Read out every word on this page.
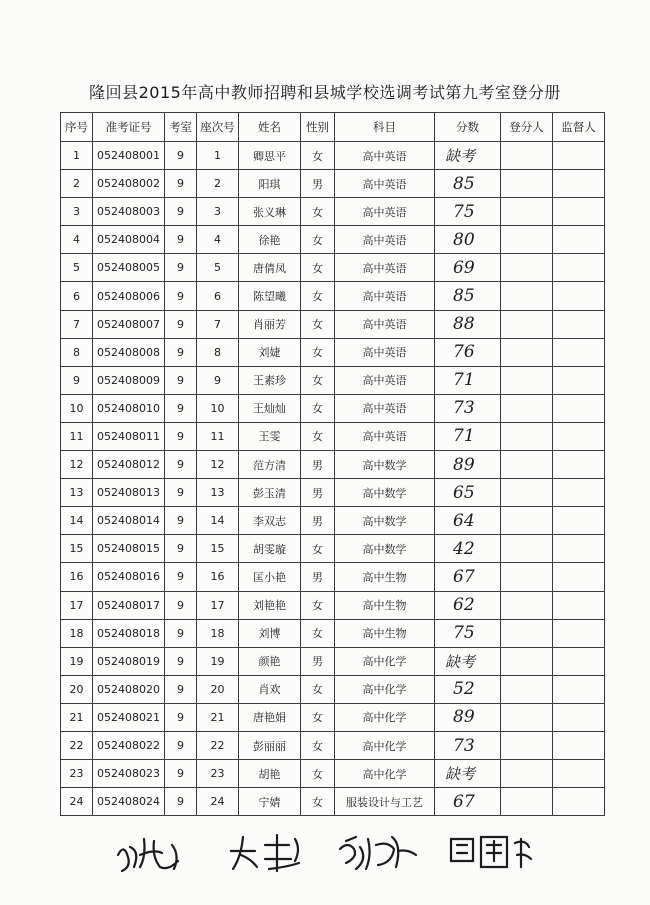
隆回县2015年高中教师招聘和县城学校选调考试第九考室登分册
序号	准考证号	考室	座次号	姓名	性别	科目	分数	登分人	监督人
1	052408001	9	1	卿思平	女	高中英语	缺考		
2	052408002	9	2	阳琪	男	高中英语	85		
3	052408003	9	3	张义琳	女	高中英语	75		
4	052408004	9	4	徐艳	女	高中英语	80		
5	052408005	9	5	唐倩凤	女	高中英语	69		
6	052408006	9	6	陈望曦	女	高中英语	85		
7	052408007	9	7	肖丽芳	女	高中英语	88		
8	052408008	9	8	刘婕	女	高中英语	76		
9	052408009	9	9	王素珍	女	高中英语	71		
10	052408010	9	10	王灿灿	女	高中英语	73		
11	052408011	9	11	王雯	女	高中英语	71		
12	052408012	9	12	范方清	男	高中数学	89		
13	052408013	9	13	彭玉清	男	高中数学	65		
14	052408014	9	14	李双志	男	高中数学	64		
15	052408015	9	15	胡雯璇	女	高中数学	42		
16	052408016	9	16	匡小艳	男	高中生物	67		
17	052408017	9	17	刘艳艳	女	高中生物	62		
18	052408018	9	18	刘博	女	高中生物	75		
19	052408019	9	19	颜艳	男	高中化学	缺考		
20	052408020	9	20	肖欢	女	高中化学	52		
21	052408021	9	21	唐艳娟	女	高中化学	89		
22	052408022	9	22	彭丽丽	女	高中化学	73		
23	052408023	9	23	胡艳	女	高中化学	缺考		
24	052408024	9	24	宁婧	女	服装设计与工艺	67		
